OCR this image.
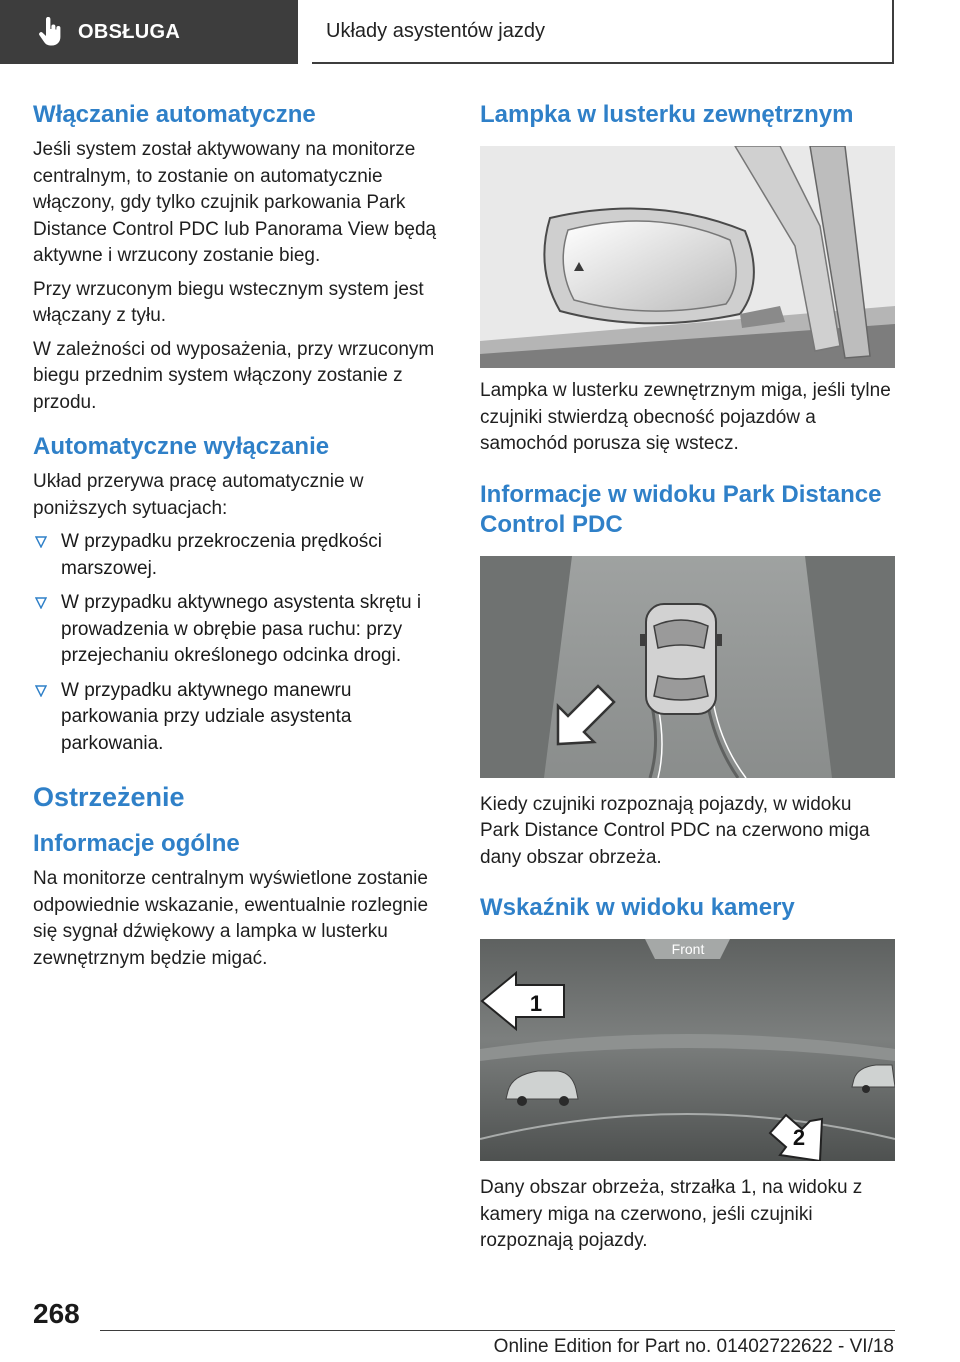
OBSŁUGA	Układy asystentów jazdy
Włączanie automatyczne

Jeśli system został aktywowany na monitorze centralnym, to zostanie on automatycznie włączony, gdy tylko czujnik parkowania Park Distance Control PDC lub Panorama View będą aktywne i wrzucony zostanie bieg.

Przy wrzuconym biegu wstecznym system jest włączany z tyłu.

W zależności od wyposażenia, przy wrzuconym biegu przednim system włączony zostanie z przodu.

Automatyczne wyłączanie

Układ przerywa pracę automatycznie w poniższych sytuacjach:

W przypadku przekroczenia prędkości marszowej.
W przypadku aktywnego asystenta skrętu i prowadzenia w obrębie pasa ruchu: przy przejechaniu określonego odcinka drogi.
W przypadku aktywnego manewru parkowania przy udziale asystenta parkowania.
Ostrzeżenie
Informacje ogólne

Na monitorze centralnym wyświetlone zostanie odpowiednie wskazanie, ewentualnie rozlegnie się sygnał dźwiękowy a lampka w lusterku zewnętrznym będzie migać.

Lampka w lusterku zewnętrznym

Lampka w lusterku zewnętrznym miga, jeśli tylne czujniki stwierdzą obecność pojazdów a samochód porusza się wstecz.

Informacje w widoku Park Distance Control PDC

Kiedy czujniki rozpoznają pojazdy, w widoku Park Distance Control PDC na czerwono miga dany obszar obrzeża.

Wskaźnik w widoku kamery
Front
1
2

Dany obszar obrzeża, strzałka 1, na widoku z kamery miga na czerwono, jeśli czujniki rozpoznają pojazdy.

268
Online Edition for Part no. 01402722622 - VI/18
